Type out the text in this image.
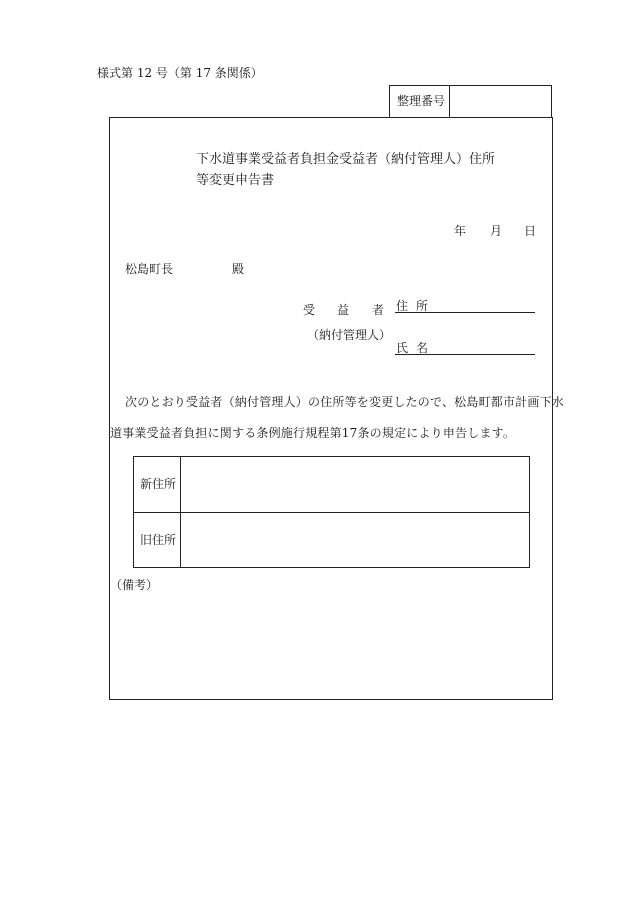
様式第 12 号（第 17 条関係）
整理番号
下水道事業受益者負担金受益者（納付管理人）住所
等変更申告書
年 月 日
松島町長	殿
受 益 者
（納付管理人）
住所
氏名
次のとおり受益者（納付管理人）の住所等を変更したので、松島町都市計画下水
道事業受益者負担に関する条例施行規程第17条の規定により申告します。
新住所
旧住所
（備考）
